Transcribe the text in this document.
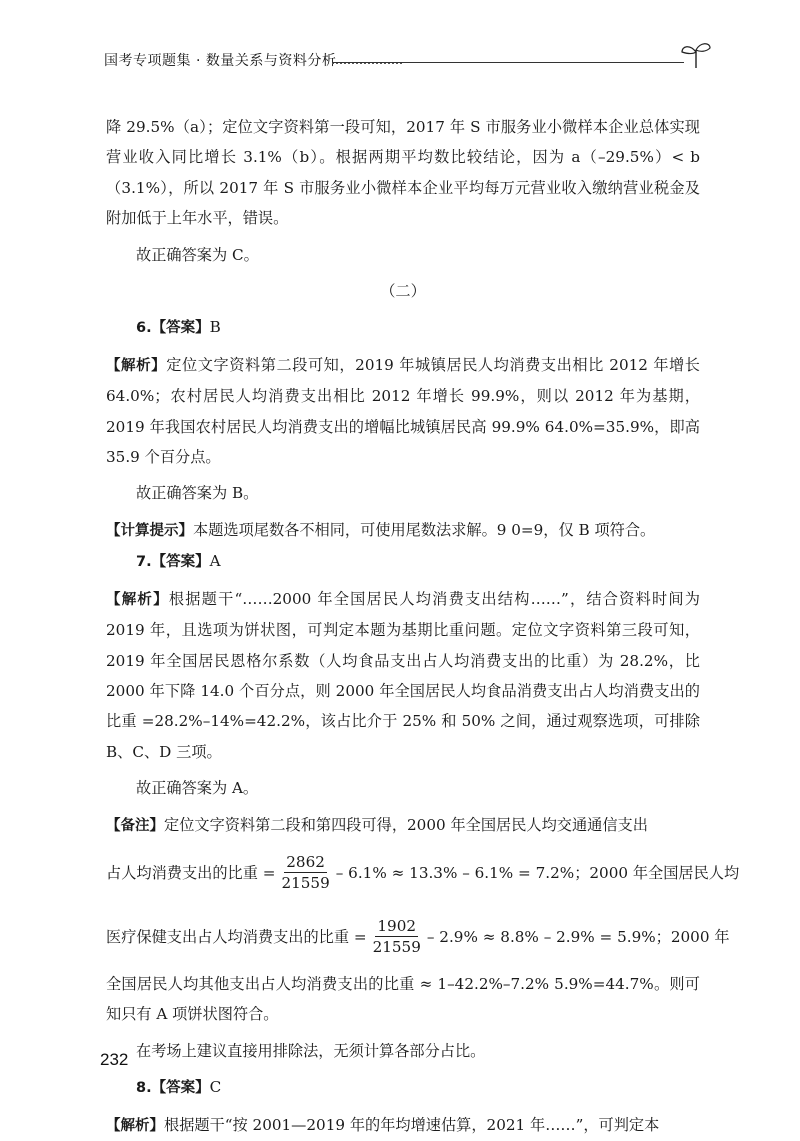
国考专项题集 · 数量关系与资料分析

降 29.5%（a）；定位文字资料第一段可知，2017 年 S 市服务业小微样本企业总体实现营业收入同比增长 3.1%（b）。根据两期平均数比较结论，因为 a（–29.5%）< b（3.1%），所以 2017 年 S 市服务业小微样本企业平均每万元营业收入缴纳营业税金及附加低于上年水平，错误。

故正确答案为 C。

（二）

6.【答案】B

【解析】定位文字资料第二段可知，2019 年城镇居民人均消费支出相比 2012 年增长 64.0%；农村居民人均消费支出相比 2012 年增长 99.9%，则以 2012 年为基期，2019 年我国农村居民人均消费支出的增幅比城镇居民高 99.9% 64.0%=35.9%，即高 35.9 个百分点。

故正确答案为 B。

【计算提示】本题选项尾数各不相同，可使用尾数法求解。9 0=9，仅 B 项符合。

7.【答案】A

【解析】根据题干“……2000 年全国居民人均消费支出结构……”，结合资料时间为 2019 年，且选项为饼状图，可判定本题为基期比重问题。定位文字资料第三段可知，2019 年全国居民恩格尔系数（人均食品支出占人均消费支出的比重）为 28.2%，比 2000 年下降 14.0 个百分点，则 2000 年全国居民人均食品消费支出占人均消费支出的比重 =28.2%–14%=42.2%，该占比介于 25% 和 50% 之间，通过观察选项，可排除 B、C、D 三项。

故正确答案为 A。

【备注】定位文字资料第二段和第四段可得，2000 年全国居民人均交通通信支出

占人均消费支出的比重 = $\frac{2862}{21559} - 6.1\% \approx 13.3\% - 6.1\% = 7.2\%$；2000 年全国居民人均
医疗保健支出占人均消费支出的比重 = $\frac{1902}{21559} - 2.9\% \approx 8.8\% - 2.9\% = 5.9\%$；2000 年

全国居民人均其他支出占人均消费支出的比重 ≈ 1–42.2%–7.2% 5.9%=44.7%。则可知只有 A 项饼状图符合。

在考场上建议直接用排除法，无须计算各部分占比。

8.【答案】C

【解析】根据题干“按 2001—2019 年的年均增速估算，2021 年……”，可判定本

232
